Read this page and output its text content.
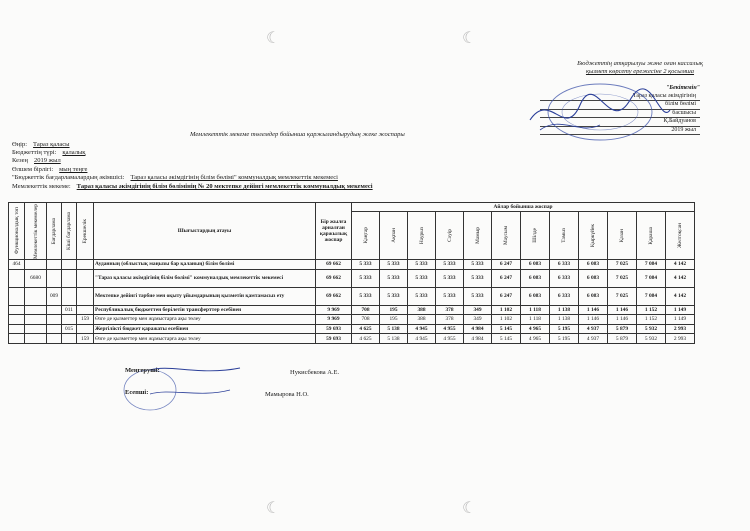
☾	☾
☾	☾
Бюджеттің атқарылуы және оған кассалық
қызмет көрсету ережесіне 2 қосымша
"Бекітемін"
Тараз қаласы әкімдігінің
білім бөлімі
басшысы
Қ.Байдуанов
2019 жыл
Мемлекеттік мекеме төлемдер бойынша қаржыландырудың жеке жоспары
Өңір: Тараз қаласы
Бюджеттің түрі: қалалық
Кезең 2019 жыл
Өлшем бірлігі: мың теңге
"Бюджеттік бағдарламалардың әкімшісі: Тараз қаласы әкімдігінің білім бөлімі" коммуналдық мемлекеттік мекемесі
Мемлекеттік мекеме: Тараз қаласы әкімдігінің білім бөлімінің № 20 мектепке дейінгі мемлекеттік коммуналдық мекемесі
Функционалдық топ	Мемлекеттік мекемелер	Бағдарлама	Кіші бағдарлама	Ерекшелік	Шығыстардың атауы	Бір жылға арналған қаржылық жоспар	Айлар бойынша жоспар											

							Қаңтар	Ақпан	Наурыз	Сәуір	Мамыр	Маусым	Шілде	Тамыз	Қыркүйек	Қазан	Қараша	Желтоқсан

464					Ауданның (облыстық маңызы бар қаланың) білім бөлімі	69 662	5 333	5 333	5 333	5 333	5 333	6 247	6 083	6 333	6 083	7 025	7 084	4 142
	6680				"Тараз қаласы әкімдігінің білім бөлімі" коммуналдық мемлекеттік мекемесі	69 662	5 333	5 333	5 333	5 333	5 333	6 247	6 083	6 333	6 083	7 025	7 084	4 142
		009			Мектепке дейінгі тәрбие мен оқыту ұйымдарының қызметін қамтамасыз ету	69 662	5 333	5 333	5 333	5 333	5 333	6 247	6 083	6 333	6 083	7 025	7 084	4 142
			011		Республикалық бюджеттен берілетін трансферттер есебінен	9 969	708	195	388	378	349	1 102	1 118	1 138	1 146	1 146	1 152	1 149
				159	Өзге де қызметтер мен жұмыстарға ақы төлеу	9 969	708	195	388	378	349	1 102	1 118	1 138	1 146	1 146	1 152	1 149
			015		Жергілікті бюджет қаражаты есебінен	59 693	4 625	5 138	4 945	4 955	4 984	5 145	4 965	5 195	4 937	5 879	5 932	2 993
				159	Өзге де қызметтер мен жұмыстарға ақы төлеу	59 693	4 625	5 138	4 945	4 955	4 984	5 145	4 965	5 195	4 937	5 879	5 932	2 993
Меңгеруші:	Нукисбекова А.Е.
Есепші:	Мамырова Н.О.
